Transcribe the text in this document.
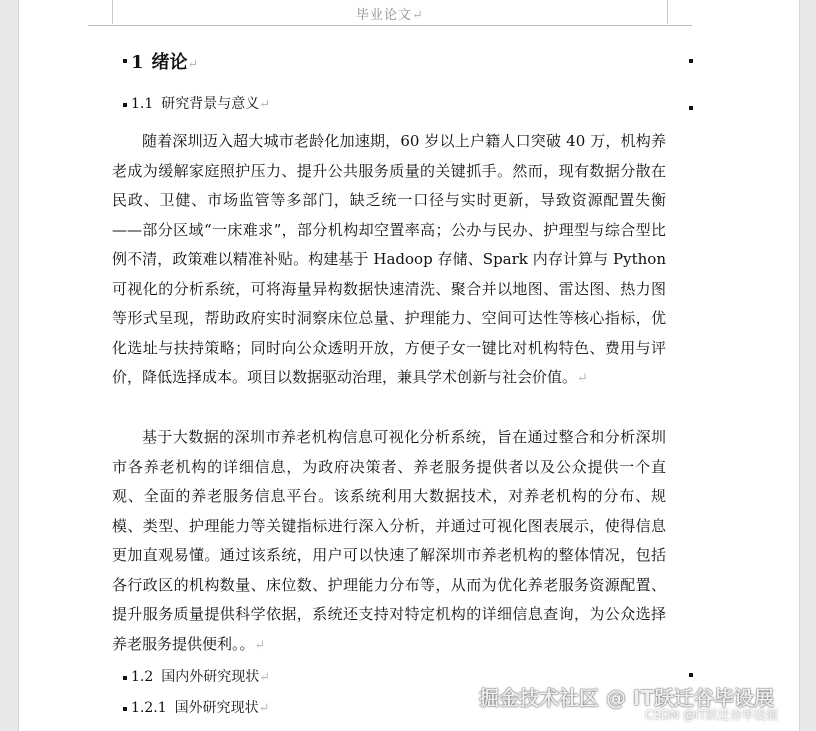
毕业论文↵
1 绪论↵
1.1 研究背景与意义↵

随着深圳迈入超大城市老龄化加速期，60 岁以上户籍人口突破 40 万，机构养老成为缓解家庭照护压力、提升公共服务质量的关键抓手。然而，现有数据分散在民政、卫健、市场监管等多部门，缺乏统一口径与实时更新，导致资源配置失衡——部分区域“一床难求”，部分机构却空置率高；公办与民办、护理型与综合型比例不清，政策难以精准补贴。构建基于 Hadoop 存储、Spark 内存计算与 Python 可视化的分析系统，可将海量异构数据快速清洗、聚合并以地图、雷达图、热力图等形式呈现，帮助政府实时洞察床位总量、护理能力、空间可达性等核心指标，优化选址与扶持策略；同时向公众透明开放，方便子女一键比对机构特色、费用与评价，降低选择成本。项目以数据驱动治理，兼具学术创新与社会价值。↵

基于大数据的深圳市养老机构信息可视化分析系统，旨在通过整合和分析深圳市各养老机构的详细信息，为政府决策者、养老服务提供者以及公众提供一个直观、全面的养老服务信息平台。该系统利用大数据技术，对养老机构的分布、规模、类型、护理能力等关键指标进行深入分析，并通过可视化图表展示，使得信息更加直观易懂。通过该系统，用户可以快速了解深圳市养老机构的整体情况，包括各行政区的机构数量、床位数、护理能力分布等，从而为优化养老服务资源配置、提升服务质量提供科学依据，系统还支持对特定机构的详细信息查询，为公众选择养老服务提供便利。。↵

1.2 国内外研究现状↵
1.2.1 国外研究现状↵	掘金技术社区 @ IT跃迁谷毕设展
CSDN @IT跃迁谷毕设展
